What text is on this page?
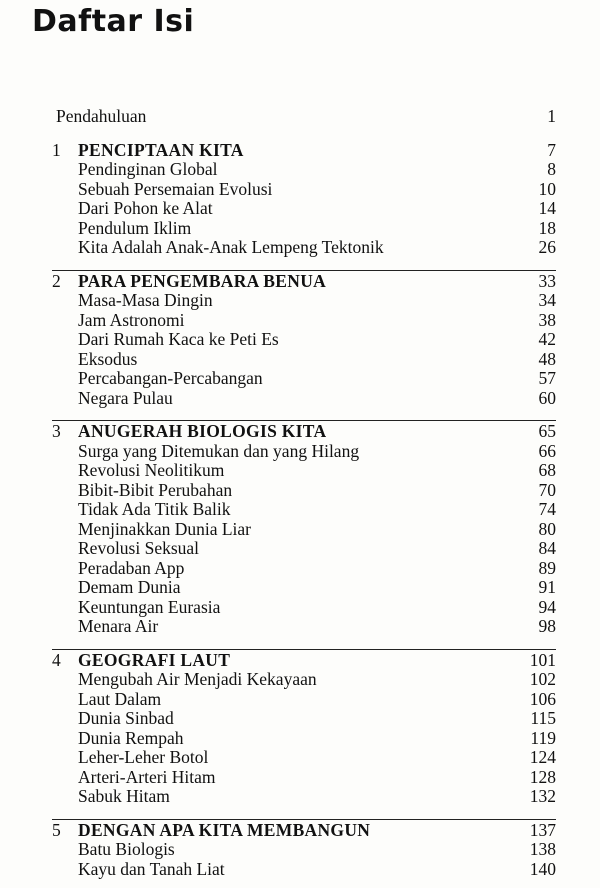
Daftar Isi
Pendahuluan	1
1 PENCIPTAAN KITA	7
Pendinginan Global	8
Sebuah Persemaian Evolusi	10
Dari Pohon ke Alat	14
Pendulum Iklim	18
Kita Adalah Anak-Anak Lempeng Tektonik	26
2 PARA PENGEMBARA BENUA	33
Masa-Masa Dingin	34
Jam Astronomi	38
Dari Rumah Kaca ke Peti Es	42
Eksodus	48
Percabangan-Percabangan	57
Negara Pulau	60
3 ANUGERAH BIOLOGIS KITA	65
Surga yang Ditemukan dan yang Hilang	66
Revolusi Neolitikum	68
Bibit-Bibit Perubahan	70
Tidak Ada Titik Balik	74
Menjinakkan Dunia Liar	80
Revolusi Seksual	84
Peradaban App	89
Demam Dunia	91
Keuntungan Eurasia	94
Menara Air	98
4 GEOGRAFI LAUT	101
Mengubah Air Menjadi Kekayaan	102
Laut Dalam	106
Dunia Sinbad	115
Dunia Rempah	119
Leher-Leher Botol	124
Arteri-Arteri Hitam	128
Sabuk Hitam	132
5 DENGAN APA KITA MEMBANGUN	137
Batu Biologis	138
Kayu dan Tanah Liat	140
